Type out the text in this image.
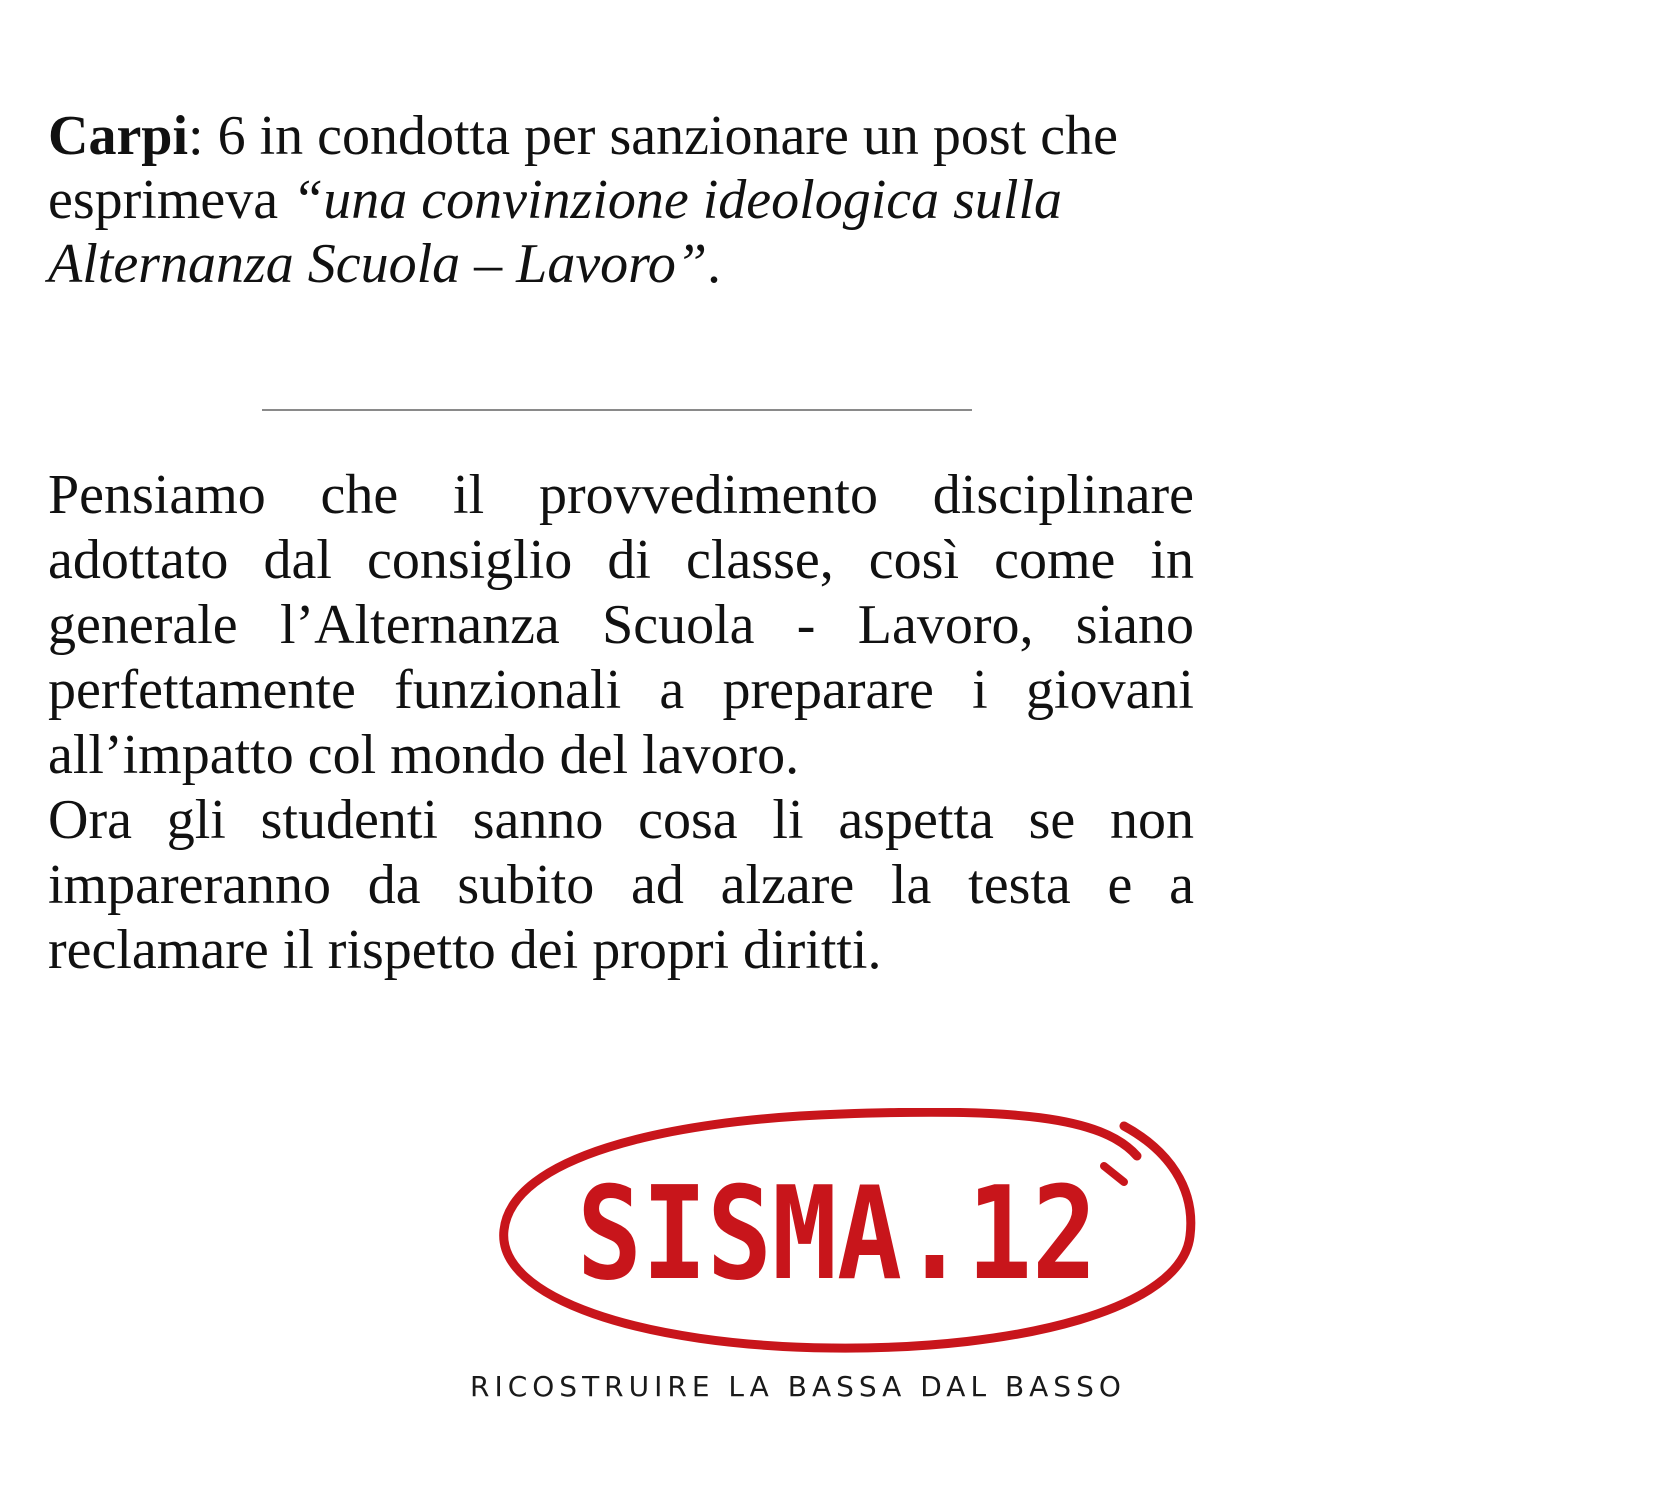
Carpi: 6 in condotta per sanzionare un post che esprimeva “una convinzione ideologica sulla Alternanza Scuola – Lavoro”.

Pensiamo che il provvedimento disciplinare adottato dal consiglio di classe, così come in generale l’Alternanza Scuola - Lavoro, siano perfettamente funzionali a preparare i giovani all’impatto col mondo del lavoro.

Ora gli studenti sanno cosa li aspetta se non impareranno da subito ad alzare la testa e a reclamare il rispetto dei propri diritti.

SISMA.12
RICOSTRUIRE LA BASSA DAL BASSO
